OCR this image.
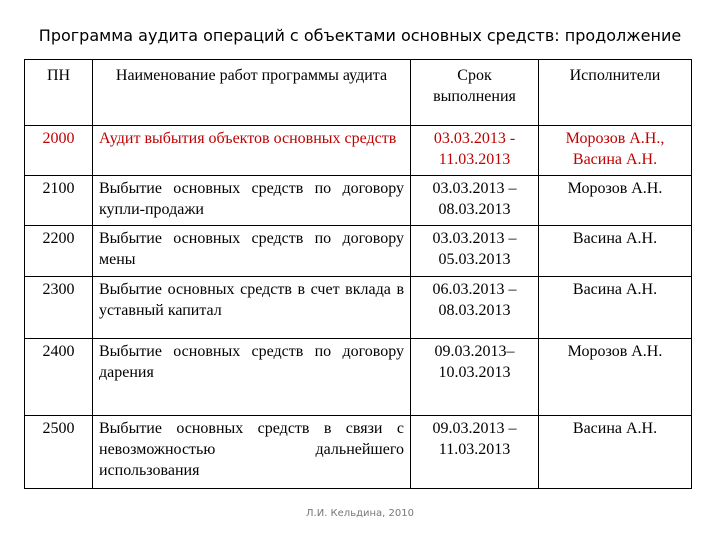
Программа аудита операций с объектами основных средств: продолжение
ПН	Наименование работ программы аудита	Срок выполнения	Исполнители
2000	Аудит выбытия объектов основных средств	03.03.2013 - 11.03.2013	Морозов А.Н., Васина А.Н.
2100	Выбытие основных средств по договору купли-продажи	03.03.2013 – 08.03.2013	Морозов А.Н.
2200	Выбытие основных средств по договору мены	03.03.2013 – 05.03.2013	Васина А.Н.
2300	Выбытие основных средств в счет вклада в уставный капитал	06.03.2013 – 08.03.2013	Васина А.Н.
2400	Выбытие основных средств по договору дарения	09.03.2013– 10.03.2013	Морозов А.Н.
2500	Выбытие основных средств в связи с невозможностью дальнейшего использования	09.03.2013 – 11.03.2013	Васина А.Н.
Л.И. Кельдина, 2010
